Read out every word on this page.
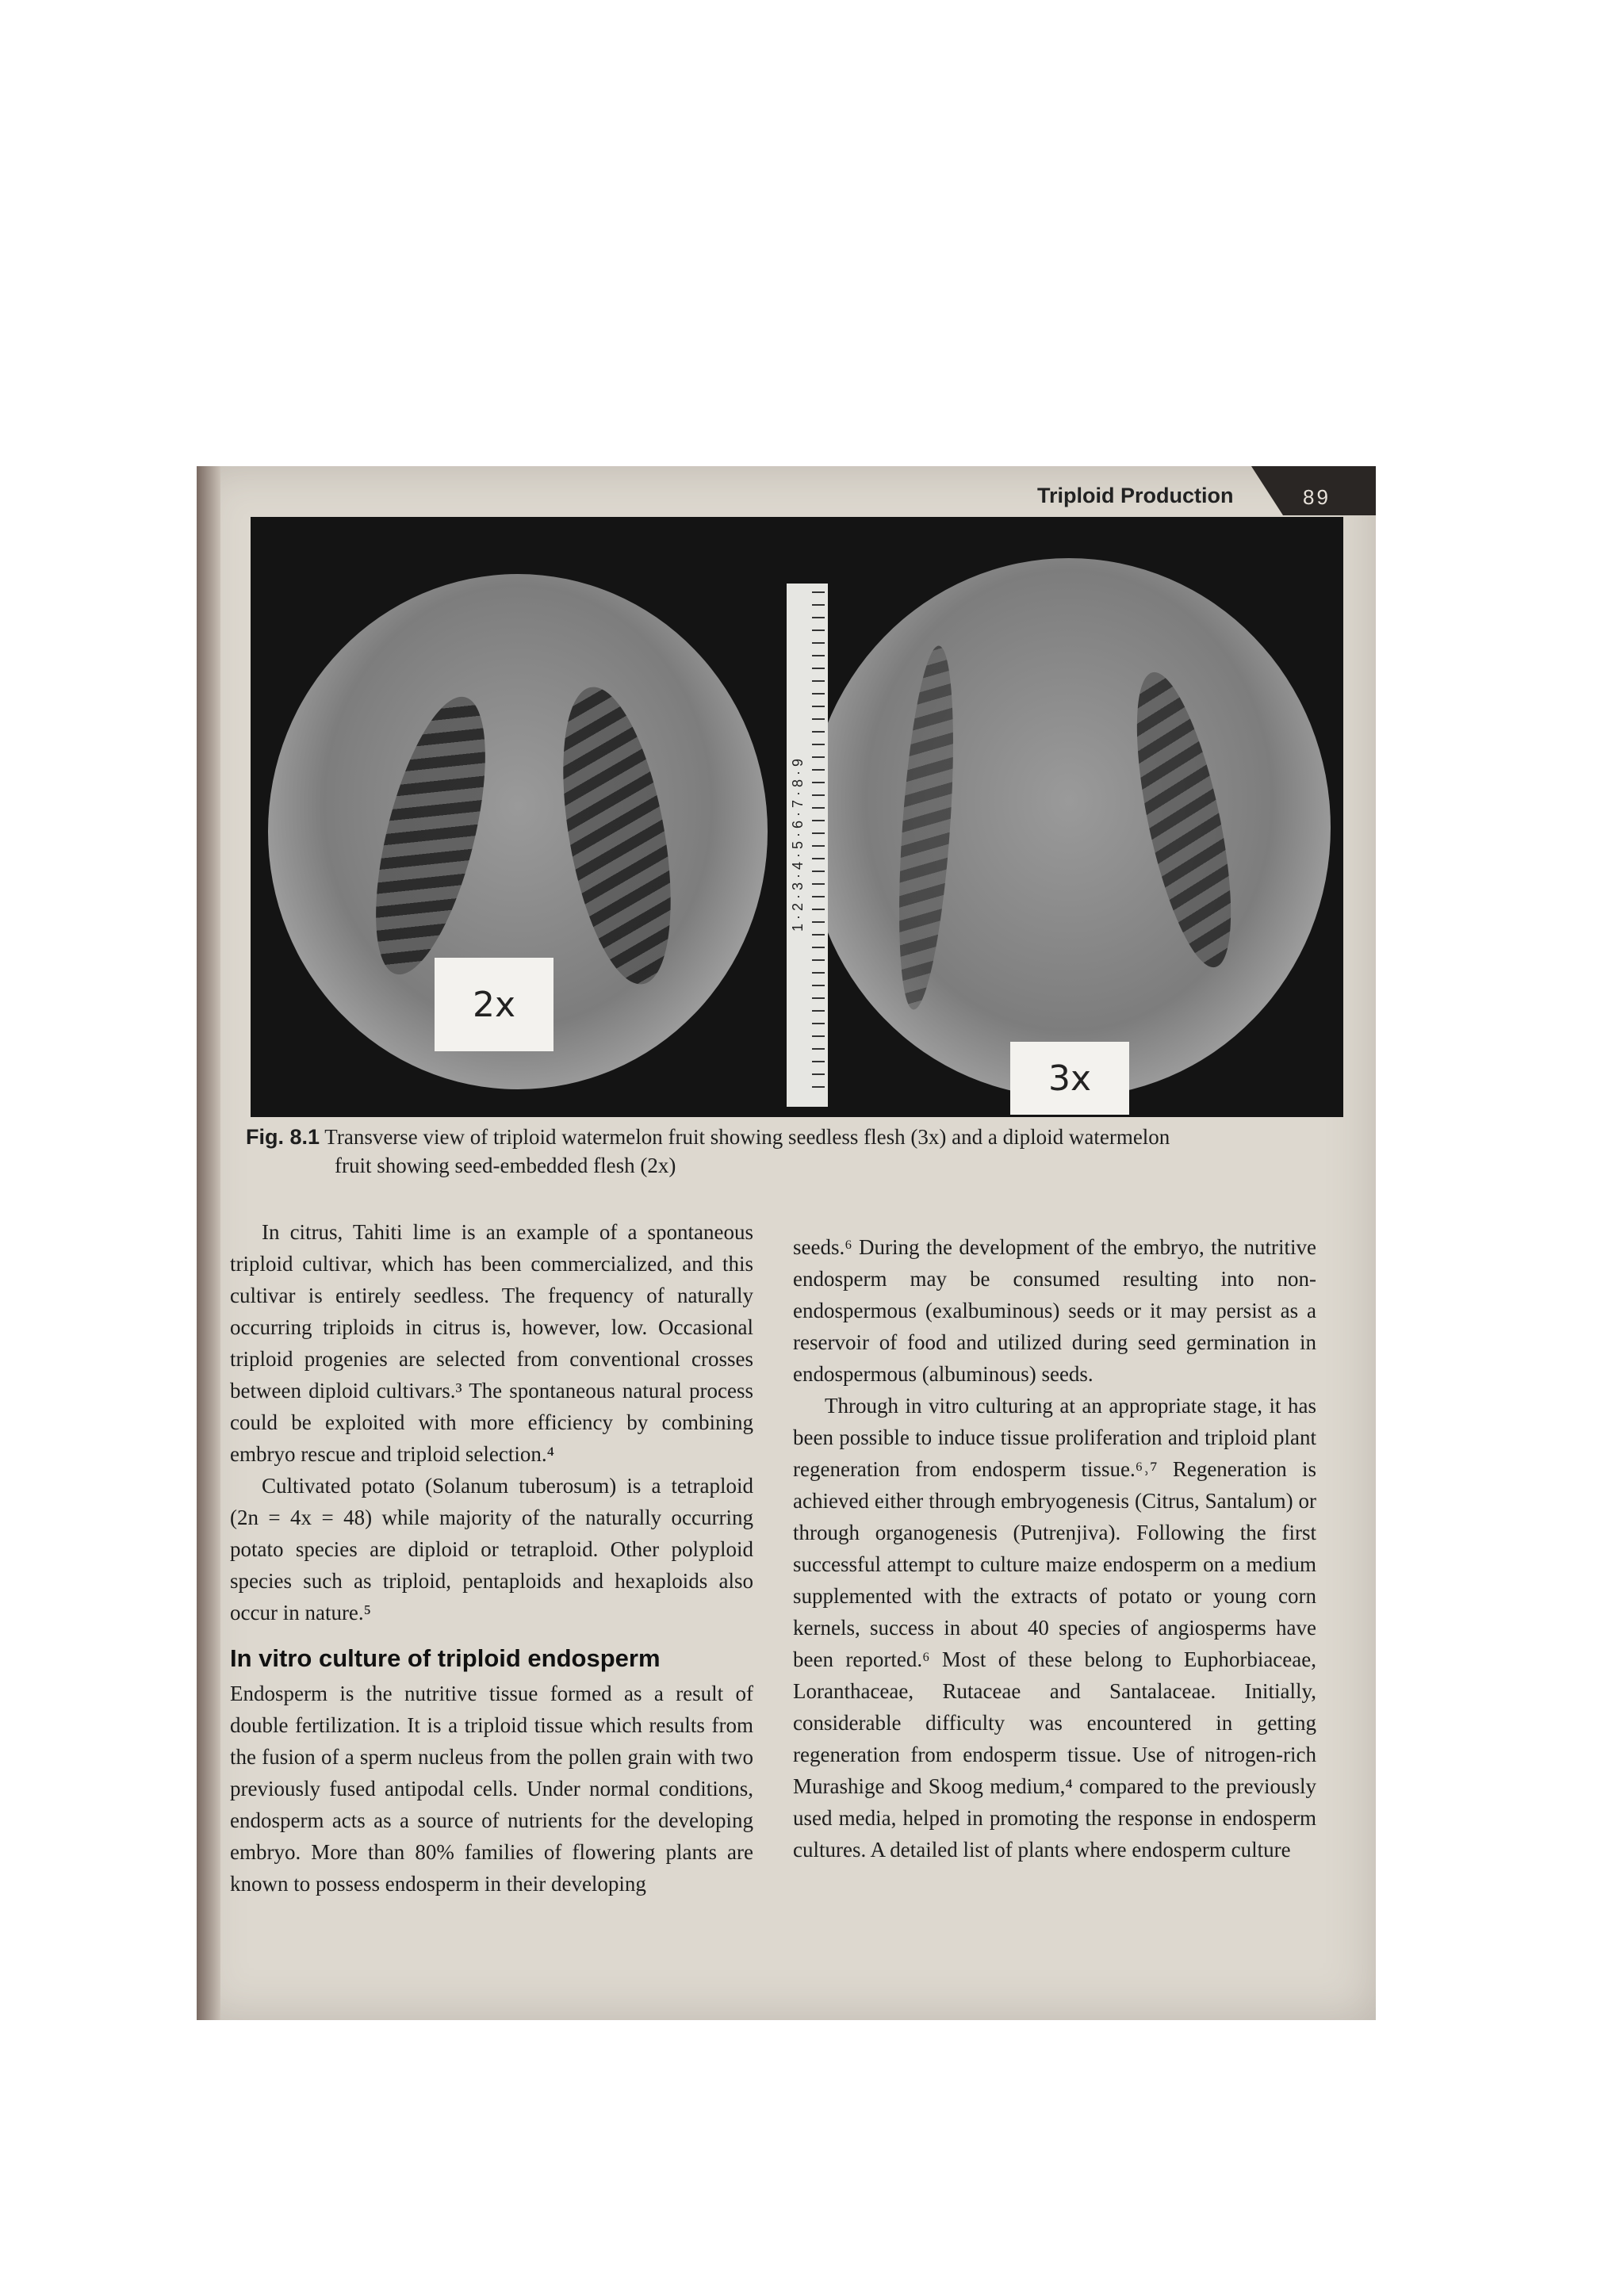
Triploid Production	89
1 · 2 · 3 · 4 · 5 · 6 · 7 · 8 · 9
2x
3x
Fig. 8.1 Transverse view of triploid watermelon fruit showing seedless flesh (3x) and a diploid watermelon
fruit showing seed-embedded flesh (2x)

In citrus, Tahiti lime is an example of a spontaneous triploid cultivar, which has been commercialized, and this cultivar is entirely seedless. The frequency of naturally occurring triploids in citrus is, however, low. Occasional triploid progenies are selected from conventional crosses between diploid cultivars.³ The spontaneous natural process could be exploited with more efficiency by combining embryo rescue and triploid selection.⁴

Cultivated potato (Solanum tuberosum) is a tetraploid (2n = 4x = 48) while majority of the naturally occurring potato species are diploid or tetraploid. Other polyploid species such as triploid, pentaploids and hexaploids also occur in nature.⁵

In vitro culture of triploid endosperm

Endosperm is the nutritive tissue formed as a result of double fertilization. It is a triploid tissue which results from the fusion of a sperm nucleus from the pollen grain with two previously fused antipodal cells. Under normal conditions, endosperm acts as a source of nutrients for the developing embryo. More than 80% families of flowering plants are known to possess endosperm in their developing

seeds.⁶ During the development of the embryo, the nutritive endosperm may be consumed resulting into non-endospermous (exalbuminous) seeds or it may persist as a reservoir of food and utilized during seed germination in endospermous (albuminous) seeds.

Through in vitro culturing at an appropriate stage, it has been possible to induce tissue proliferation and triploid plant regeneration from endosperm tissue.⁶˒⁷ Regeneration is achieved either through embryogenesis (Citrus, Santalum) or through organogenesis (Putrenjiva). Following the first successful attempt to culture maize endosperm on a medium supplemented with the extracts of potato or young corn kernels, success in about 40 species of angiosperms have been reported.⁶ Most of these belong to Euphorbiaceae, Loranthaceae, Rutaceae and Santalaceae. Initially, considerable difficulty was encountered in getting regeneration from endosperm tissue. Use of nitrogen-rich Murashige and Skoog medium,⁴ compared to the previously used media, helped in promoting the response in endosperm cultures. A detailed list of plants where endosperm culture
